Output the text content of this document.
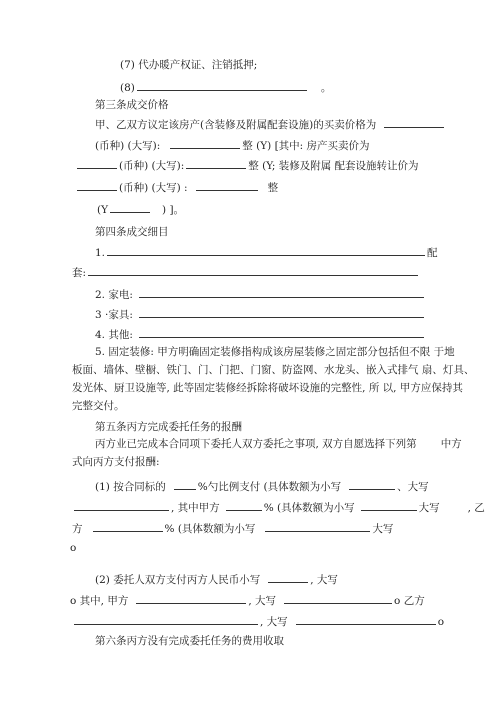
(7) 代办暖产权证、注销抵押;
(8)	。
第三条成交价格
甲、乙双方议定该房产(含装修及附属配套设施)的买卖价格为
(币种) (大写):	整 (Y) [其中: 房产买卖价为
(币种) (大写):	整 (Y; 装修及附属 配套设施转让价为
(币种) (大写) :	整
(Y	) ]。
第四条成交细目
1.	配
套:
2. 家电:
3 ·家具:
4. 其他:
5. 固定装修: 甲方明确固定装修指构成该房屋装修之固定部分包括但不限 于地
板面、墙体、壁橱、铁门、门、门把、门窗、防盗网、水龙头、嵌入式排气 扇、灯具、
发光体、厨卫设施等, 此等固定装修经拆除将破坏设施的完整性, 所 以, 甲方应保持其
完整交付。
第五条丙方完成委托任务的报酬
丙方业已完成本合同项下委托人双方委托之事项, 双方自愿选择下列第 中方
式向丙方支付报酬:
(1) 按合同标的	%勺比例支付 (具体数额为小写	、大写
, 其中甲方	% (具体数额为小写	大写	, 乙
方	% (具体数额为小写	大写
o
(2) 委托人双方支付丙方人民币小写	, 大写
o 其中, 甲方	, 大写	o 乙方
, 大写	o
第六条丙方没有完成委托任务的费用收取
